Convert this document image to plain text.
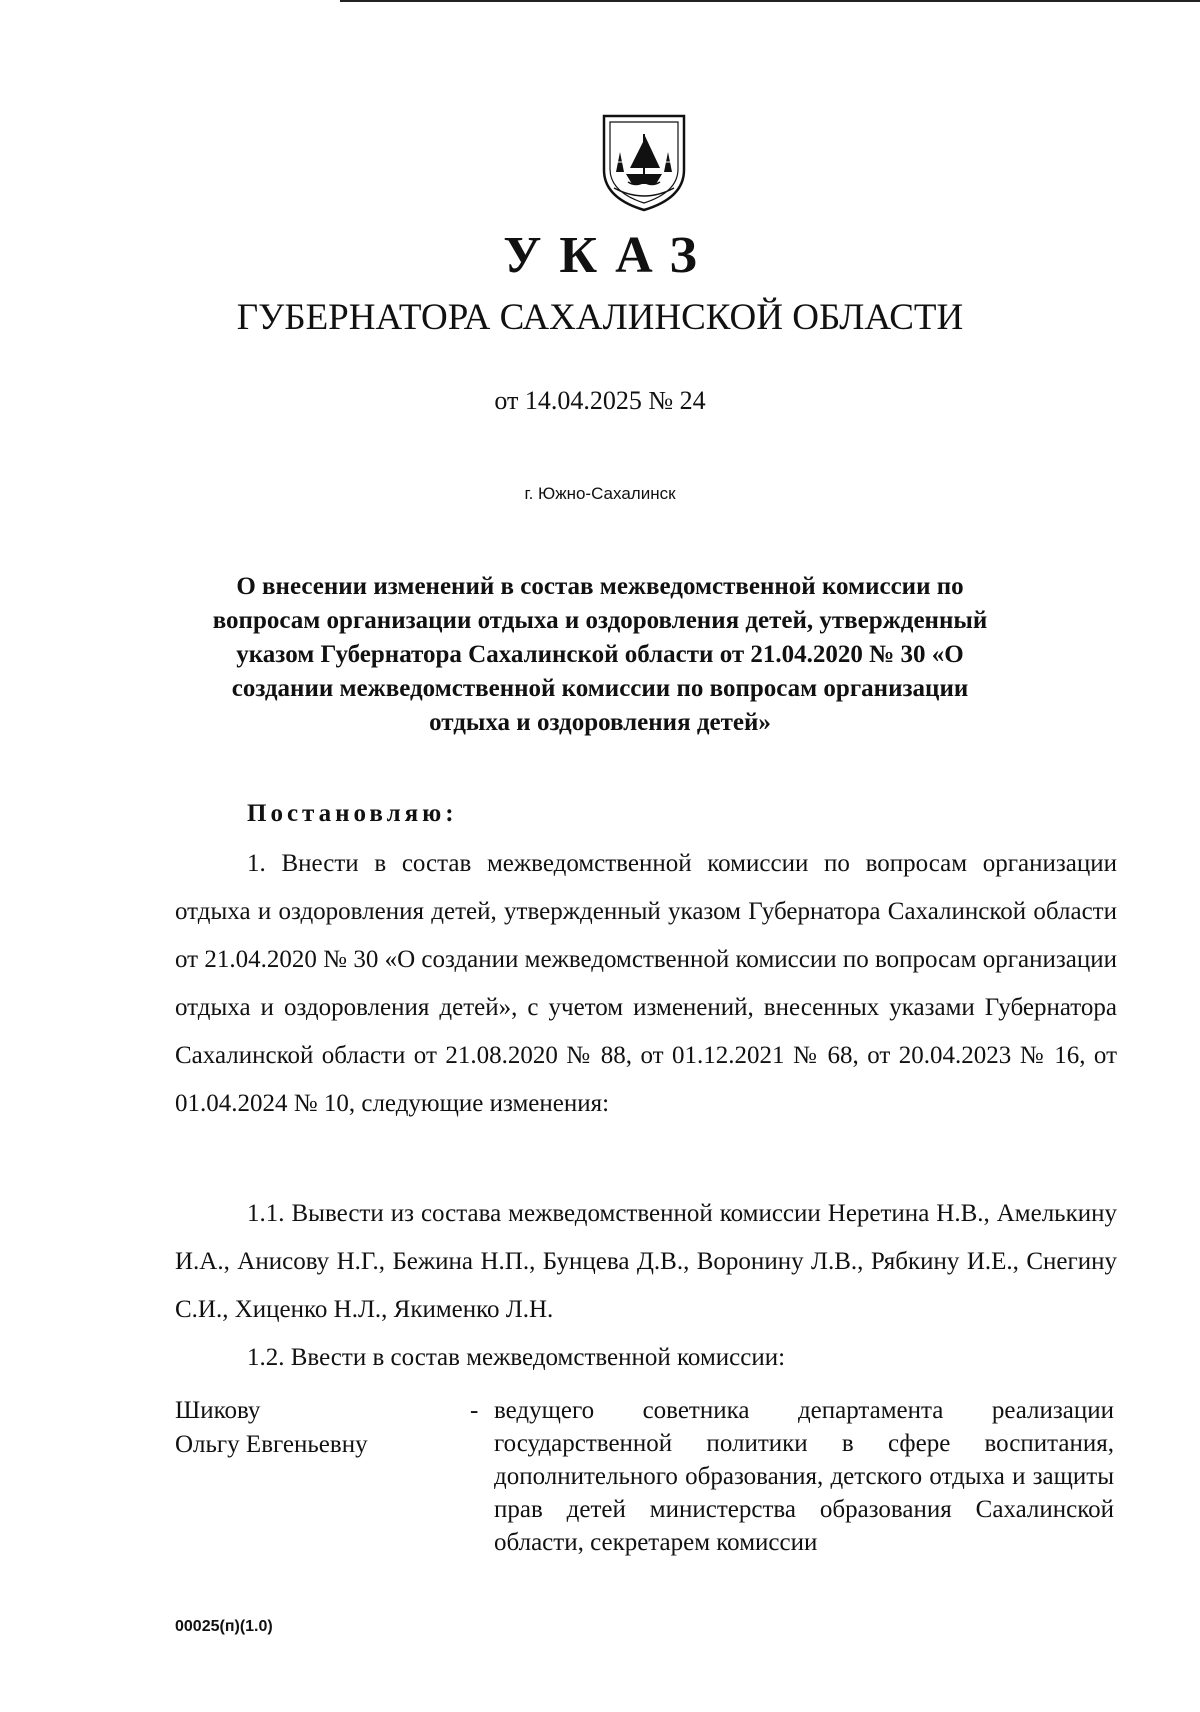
УКАЗ
ГУБЕРНАТОРА САХАЛИНСКОЙ ОБЛАСТИ
от 14.04.2025 № 24
г. Южно-Сахалинск
О внесении изменений в состав межведомственной комиссии по вопросам организации отдыха и оздоровления детей, утвержденный указом Губернатора Сахалинской области от 21.04.2020 № 30 «О создании межведомственной комиссии по вопросам организации отдыха и оздоровления детей»
Постановляю:

1. Внести в состав межведомственной комиссии по вопросам организации отдыха и оздоровления детей, утвержденный указом Губернатора Сахалинской области от 21.04.2020 № 30 «О создании межведомственной комиссии по вопросам организации отдыха и оздоровления детей», с учетом изменений, внесенных указами Губернатора Сахалинской области от 21.08.2020 № 88, от 01.12.2021 № 68, от 20.04.2023 № 16, от 01.04.2024 № 10, следующие изменения:

1.1. Вывести из состава межведомственной комиссии Неретина Н.В., Амелькину И.А., Анисову Н.Г., Бежина Н.П., Бунцева Д.В., Воронину Л.В., Рябкину И.Е., Снегину С.И., Хиценко Н.Л., Якименко Л.Н.

1.2. Ввести в состав межведомственной комиссии:

Шикову
Ольгу Евгеньевну
- ведущего советника департамента реализации государственной политики в сфере воспитания, дополнительного образования, детского отдыха и защиты прав детей министерства образования Сахалинской области, секретарем комиссии
00025(п)(1.0)
